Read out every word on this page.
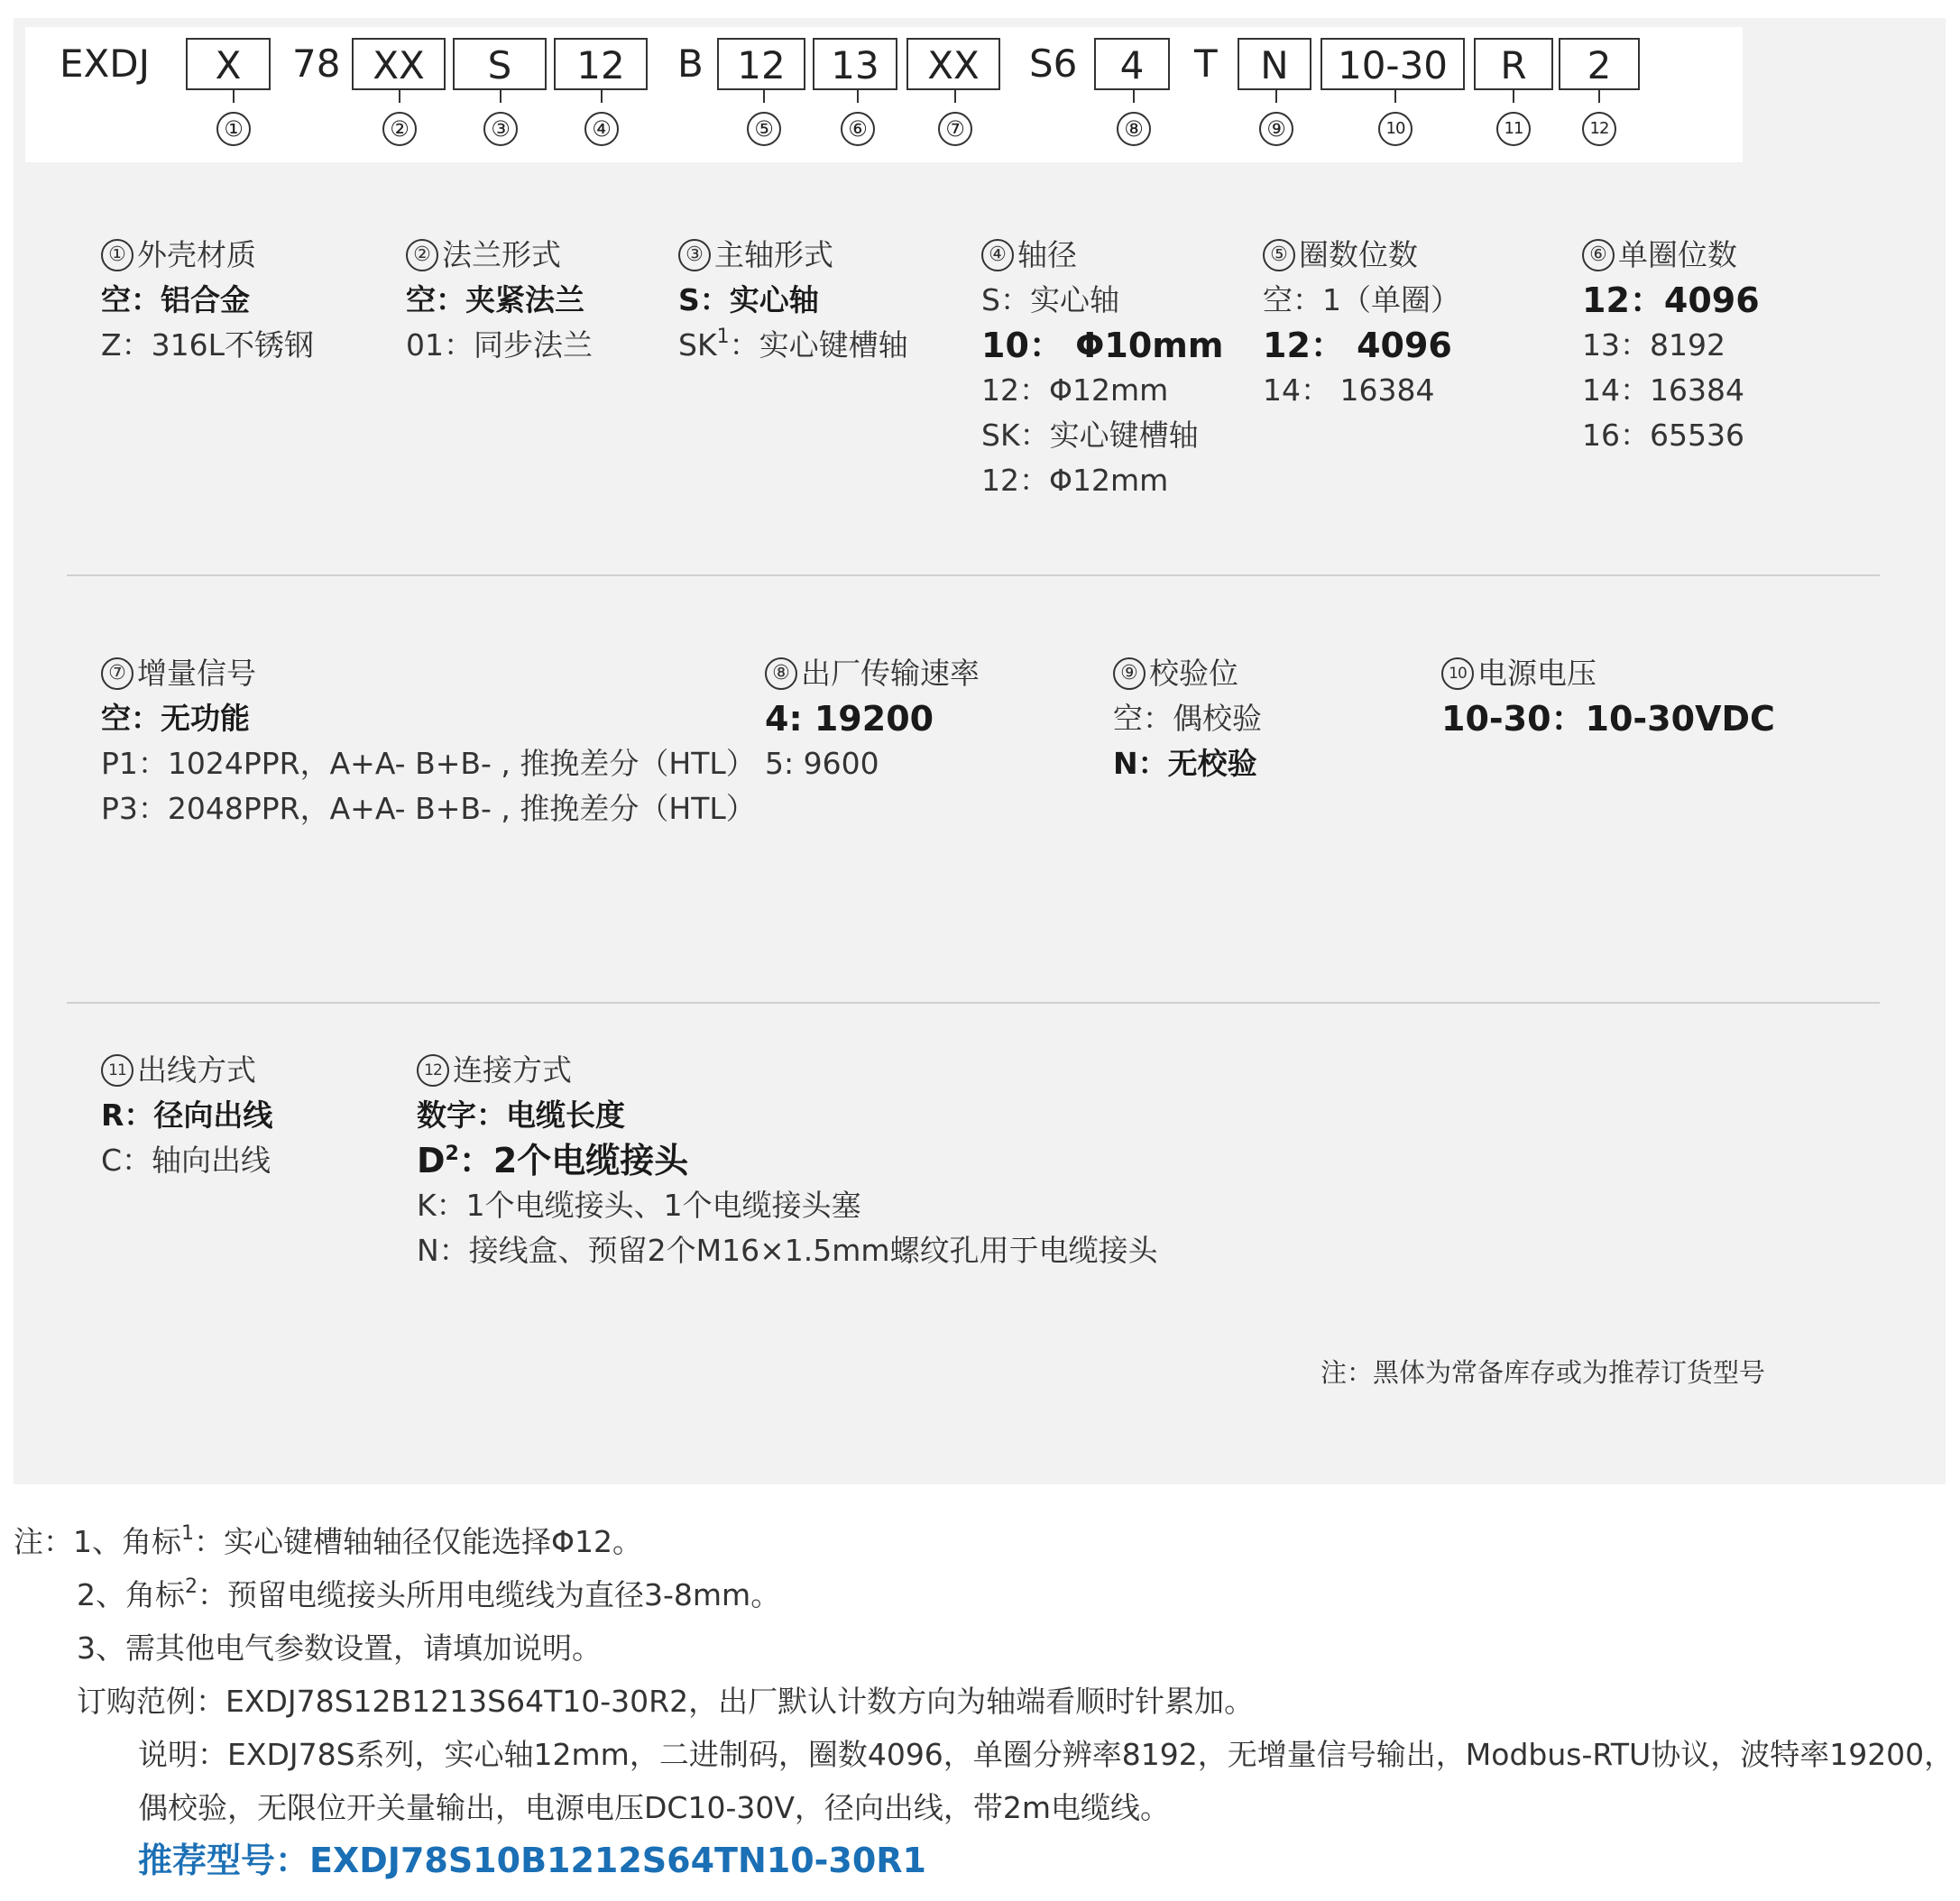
EXDJ	X	78 XX	S	12	B 12	13	XX	S6	4	T	N	10-30	R	2
①	②	③	④	⑤	⑥	⑦	⑧	⑨	10	11	12
① 外壳材质
空：铝合金
Z：316L不锈钢
② 法兰形式
空：夹紧法兰
01：同步法兰
③ 主轴形式
S：实心轴
$SK^1$：实心键槽轴
④ 轴径
S：实心轴
10： Φ10mm
12：Φ12mm
SK：实心键槽轴
12：Φ12mm
⑤ 圈数位数
空：1（单圈）
12： 4096
14： 16384
⑥ 单圈位数
12：4096
13：8192
14：16384
16：65536
⑦ 增量信号
空：无功能
P1：1024PPR，A+A- B+B- , 推挽差分（HTL）
P3：2048PPR，A+A- B+B- , 推挽差分（HTL）
⑧ 出厂传输速率
4: 19200
5: 9600
⑨ 校验位
空：偶校验
N：无校验
10 电源电压
10-30：10-30VDC
11 出线方式
R：径向出线
C：轴向出线
12 连接方式
数字：电缆长度
$D^2$：2个电缆接头
K：1个电缆接头、1个电缆接头塞
N：接线盒、预留2个M16×1.5mm螺纹孔用于电缆接头
注：黑体为常备库存或为推荐订货型号
注：1、角标$^1$：实心键槽轴轴径仅能选择Φ12。
2、角标$^2$：预留电缆接头所用电缆线为直径3-8mm。
3、需其他电气参数设置，请填加说明。
订购范例：EXDJ78S12B1213S64T10-30R2，出厂默认计数方向为轴端看顺时针累加。
说明：EXDJ78S系列，实心轴12mm，二进制码，圈数4096，单圈分辨率8192，无增量信号输出，Modbus-RTU协议，波特率19200，
偶校验，无限位开关量输出，电源电压DC10-30V，径向出线，带2m电缆线。
推荐型号：EXDJ78S10B1212S64TN10-30R1
